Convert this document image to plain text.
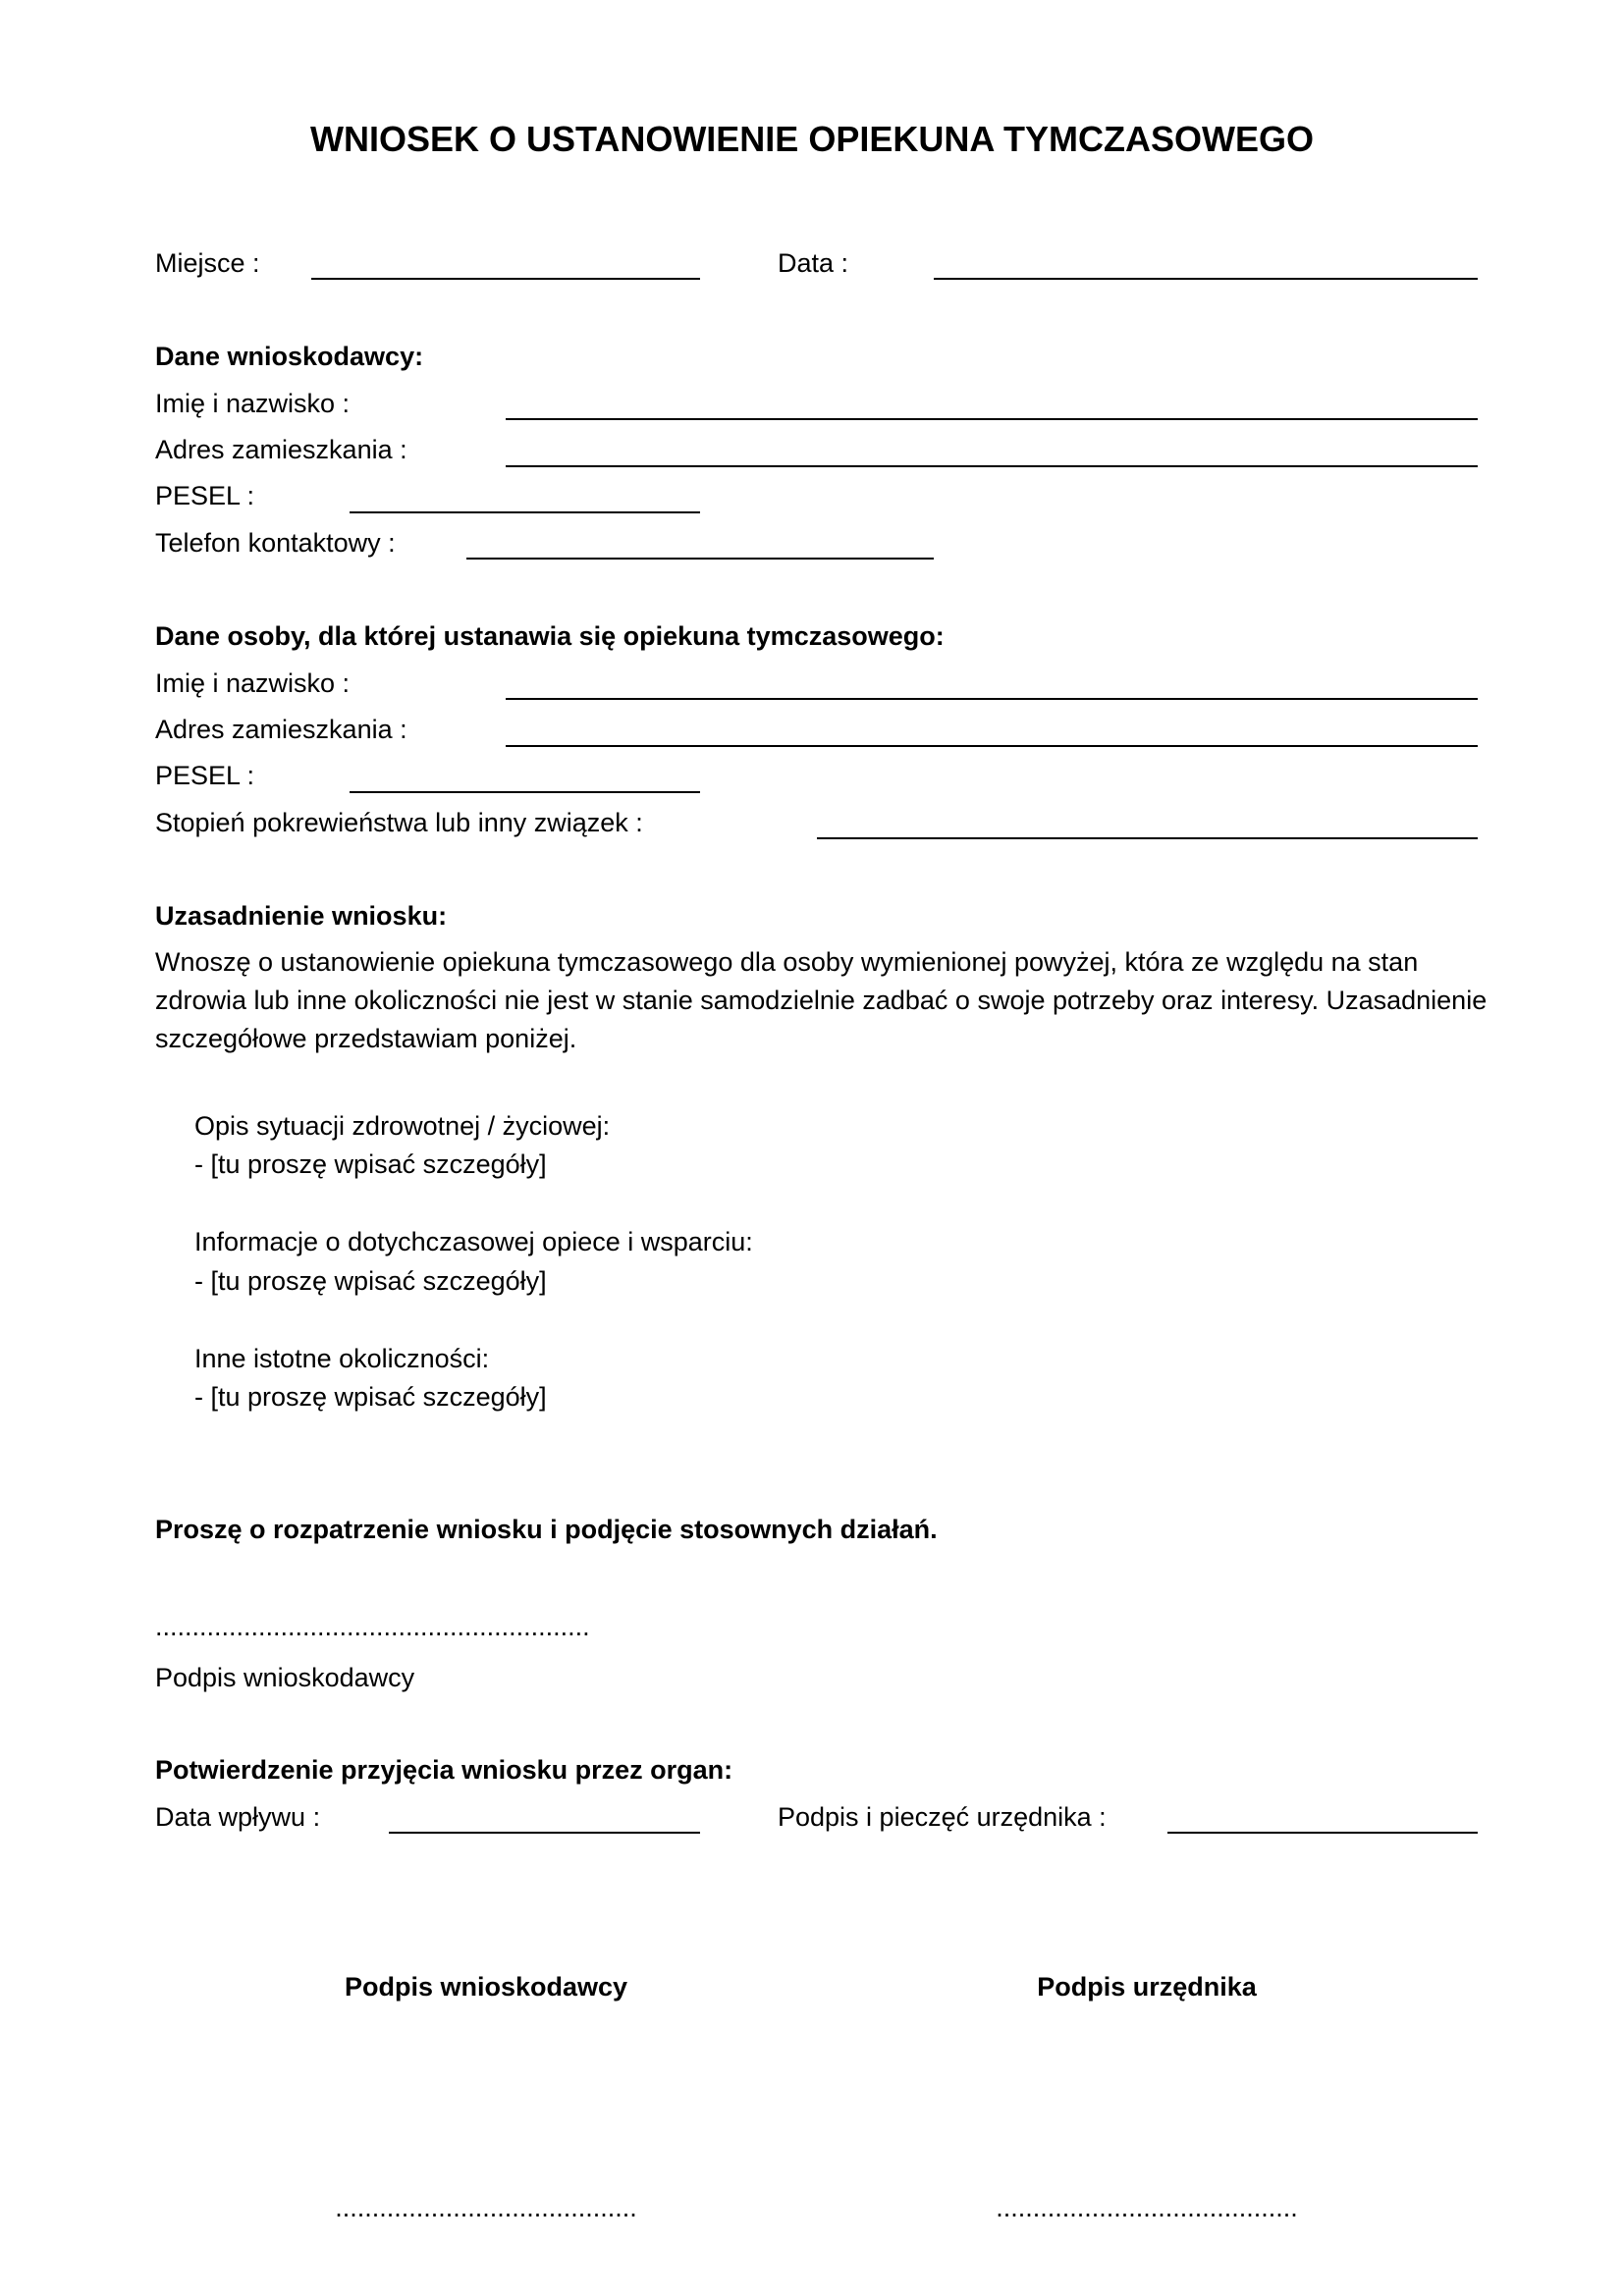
WNIOSEK O USTANOWIENIE OPIEKUNA TYMCZASOWEGO
Miejsce :	Data :
Dane wnioskodawcy:
Imię i nazwisko :
Adres zamieszkania :
PESEL :
Telefon kontaktowy :
Dane osoby, dla której ustanawia się opiekuna tymczasowego:
Imię i nazwisko :
Adres zamieszkania :
PESEL :
Stopień pokrewieństwa lub inny związek :
Uzasadnienie wniosku:
Wnoszę o ustanowienie opiekuna tymczasowego dla osoby wymienionej powyżej, która ze względu na stan zdrowia lub inne okoliczności nie jest w stanie samodzielnie zadbać o swoje potrzeby oraz interesy. Uzasadnienie szczegółowe przedstawiam poniżej.
Opis sytuacji zdrowotnej / życiowej:
- [tu proszę wpisać szczegóły]
Informacje o dotychczasowej opiece i wsparciu:
- [tu proszę wpisać szczegóły]
Inne istotne okoliczności:
- [tu proszę wpisać szczegóły]
Proszę o rozpatrzenie wniosku i podjęcie stosownych działań.
...........................................................
Podpis wnioskodawcy
Potwierdzenie przyjęcia wniosku przez organ:
Data wpływu :	Podpis i pieczęć urzędnika :
Podpis wnioskodawcy	Podpis urzędnika
.........................................	.........................................
